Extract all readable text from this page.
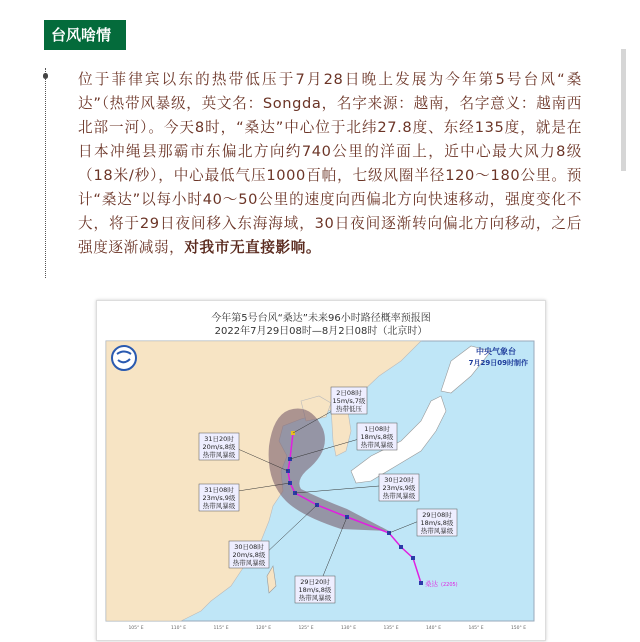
台风啥情况：
位于菲律宾以东的热带低压于7月28日晚上发展为今年第5号台风“桑达”（热带风暴级，英文名：Songda，名字来源：越南，名字意义：越南西北部一河）。今天8时，“桑达”中心位于北纬27.8度、东经135度，就是在日本冲绳县那霸市东偏北方向约740公里的洋面上，近中心最大风力8级（18米/秒），中心最低气压1000百帕，七级风圈半径120～180公里。预计“桑达”以每小时40～50公里的速度向西偏北方向快速移动，强度变化不大，将于29日夜间移入东海海域，30日夜间逐渐转向偏北方向移动，之后强度逐渐减弱，对我市无直接影响。
今年第5号台风“桑达”未来96小时路径概率预报图
2022年7月29日08时—8月2日08时（北京时）
2日08时
15m/s,7级
热带低压
1日08时
18m/s,8级
热带风暴级
31日20时
20m/s,8级
热带风暴级
31日08时
23m/s,9级
热带风暴级
30日20时
23m/s,9级
热带风暴级
29日08时
18m/s,8级
热带风暴级
30日08时
20m/s,8级
热带风暴级
29日20时
18m/s,8级
热带风暴级
桑达 (2205)
中央气象台
7月29日09时制作
105° E	110° E	115° E	120° E	125° E	130° E	135° E	140° E	145° E	150° E
